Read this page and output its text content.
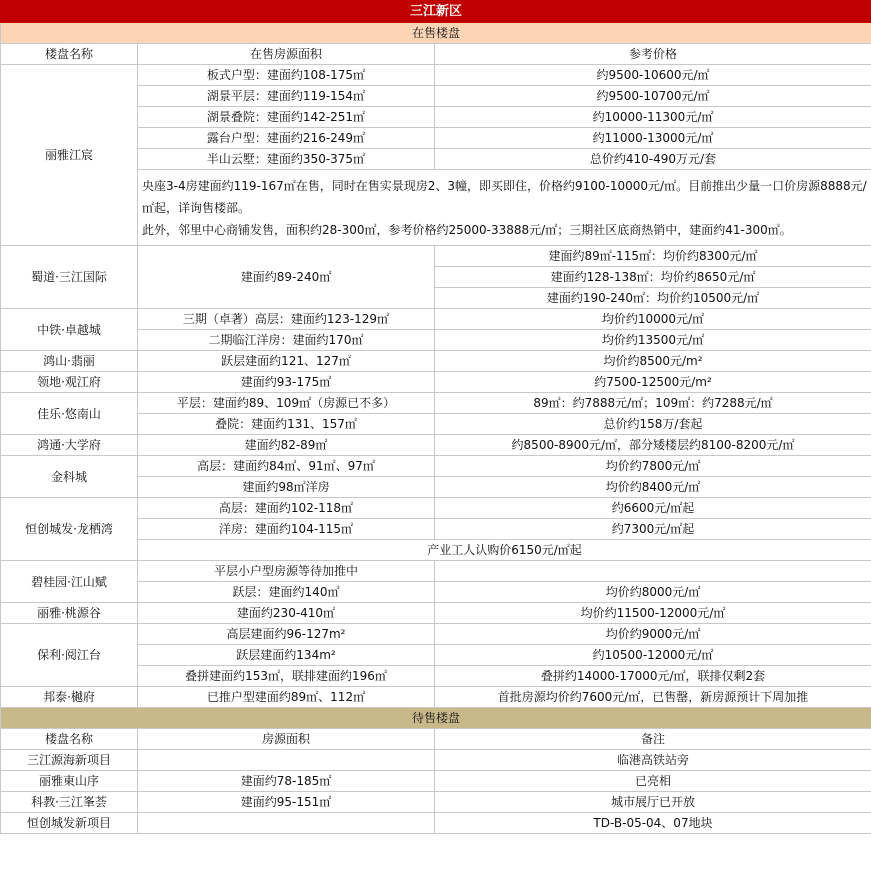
三江新区		
在售楼盘		
楼盘名称	在售房源面积	参考价格
丽雅江宸	板式户型：建面约108-175㎡	约9500-10600元/㎡
	湖景平层：建面约119-154㎡	约9500-10700元/㎡
	湖景叠院：建面约142-251㎡	约10000-11300元/㎡
	露台户型：建面约216-249㎡	约11000-13000元/㎡
	半山云墅：建面约350-375㎡	总价约410-490万元/套

	央座3-4房建面约119-167㎡在售，同时在售实景现房2、3幢，即买即住，价格约9100-10000元/㎡。目前推出少量一口价房源8888元/㎡起，详询售楼部。
此外，邻里中心商铺发售，面积约28-300㎡，参考价格约25000-33888元/㎡；三期社区底商热销中，建面约41-300㎡。	

蜀道·三江国际	建面约89-240㎡	建面约89㎡-115㎡：均价约8300元/㎡
		建面约128-138㎡：均价约8650元/㎡
		建面约190-240㎡：均价约10500元/㎡
中铁·卓越城	三期（卓著）高层：建面约123-129㎡	均价约10000元/㎡
	二期临江洋房：建面约170㎡	均价约13500元/㎡
鸿山·翡丽	跃层建面约121、127㎡	均价约8500元/m²
领地·观江府	建面约93-175㎡	约7500-12500元/m²
佳乐·悠南山	平层：建面约89、109㎡（房源已不多）	89㎡：约7888元/㎡；109㎡：约7288元/㎡
	叠院：建面约131、157㎡	总价约158万/套起
鸿通·大学府	建面约82-89㎡	约8500-8900元/㎡，部分矮楼层约8100-8200元/㎡
金科城	高层：建面约84㎡、91㎡、97㎡	均价约7800元/㎡
	建面约98㎡洋房	均价约8400元/㎡
恒创城发·龙栖湾	高层：建面约102-118㎡	约6600元/㎡起
	洋房：建面约104-115㎡	约7300元/㎡起
	产业工人认购价6150元/㎡起	
碧桂园·江山赋	平层小户型房源等待加推中	
	跃层：建面约140㎡	均价约8000元/㎡
丽雅·桃源谷	建面约230-410㎡	均价约11500-12000元/㎡
保利·阅江台	高层建面约96-127m²	均价约9000元/㎡
	跃层建面约134m²	约10500-12000元/㎡
	叠拼建面约153㎡，联排建面约196㎡	叠拼约14000-17000元/㎡，联排仅剩2套
邦泰·樾府	已推户型建面约89㎡、112㎡	首批房源均价约7600元/㎡，已售罄，新房源预计下周加推
待售楼盘		
楼盘名称	房源面积	备注
三江源海新项目		临港高铁站旁
丽雅東山序	建面约78-185㎡	已亮相
科教·三江峯荟	建面约95-151㎡	城市展厅已开放
恒创城发新项目		TD-B-05-04、07地块
